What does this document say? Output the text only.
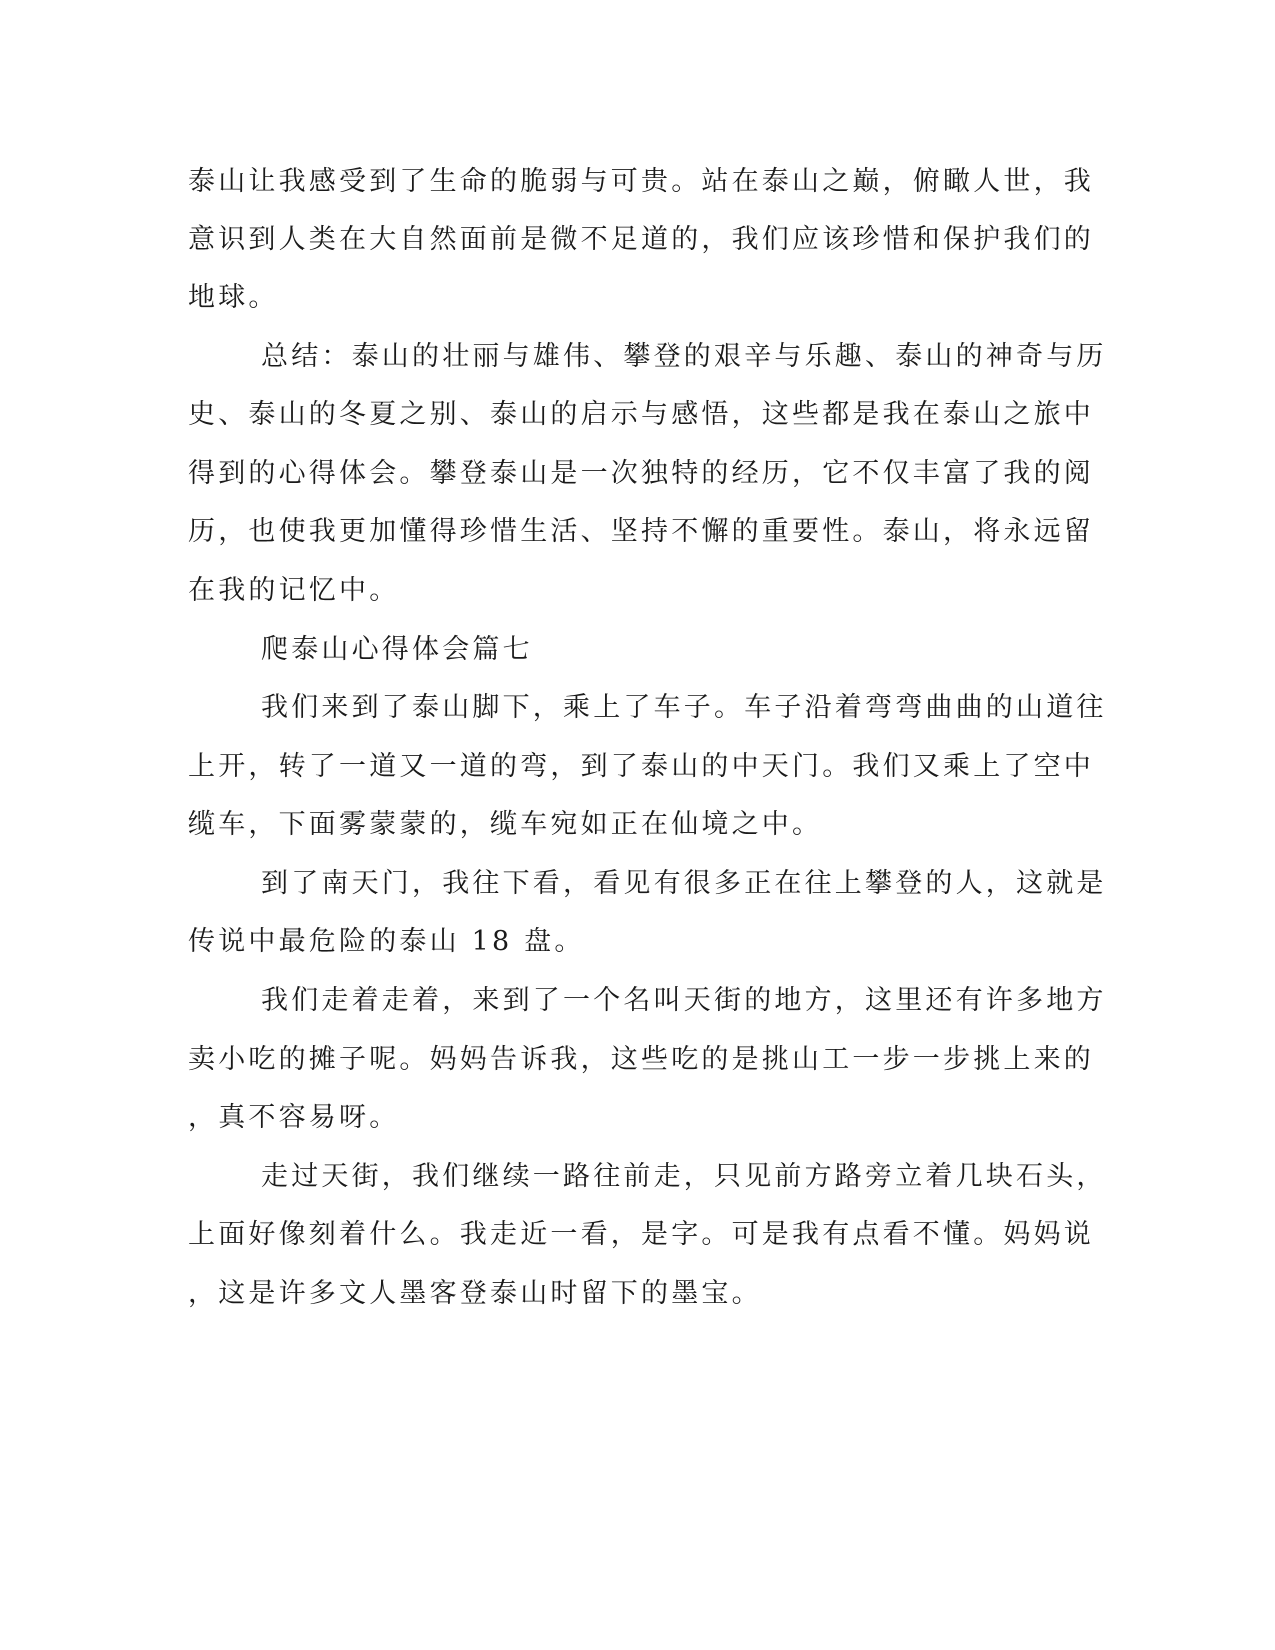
泰山让我感受到了生命的脆弱与可贵。站在泰山之巅，俯瞰人世，我

意识到人类在大自然面前是微不足道的，我们应该珍惜和保护我们的

地球。

总结：泰山的壮丽与雄伟、攀登的艰辛与乐趣、泰山的神奇与历

史、泰山的冬夏之别、泰山的启示与感悟，这些都是我在泰山之旅中

得到的心得体会。攀登泰山是一次独特的经历，它不仅丰富了我的阅

历，也使我更加懂得珍惜生活、坚持不懈的重要性。泰山，将永远留

在我的记忆中。

爬泰山心得体会篇七

我们来到了泰山脚下，乘上了车子。车子沿着弯弯曲曲的山道往

上开，转了一道又一道的弯，到了泰山的中天门。我们又乘上了空中

缆车，下面雾蒙蒙的，缆车宛如正在仙境之中。

到了南天门，我往下看，看见有很多正在往上攀登的人，这就是

传说中最危险的泰山 18 盘。

我们走着走着，来到了一个名叫天街的地方，这里还有许多地方

卖小吃的摊子呢。妈妈告诉我，这些吃的是挑山工一步一步挑上来的

，真不容易呀。

走过天街，我们继续一路往前走，只见前方路旁立着几块石头，

上面好像刻着什么。我走近一看，是字。可是我有点看不懂。妈妈说

，这是许多文人墨客登泰山时留下的墨宝。
